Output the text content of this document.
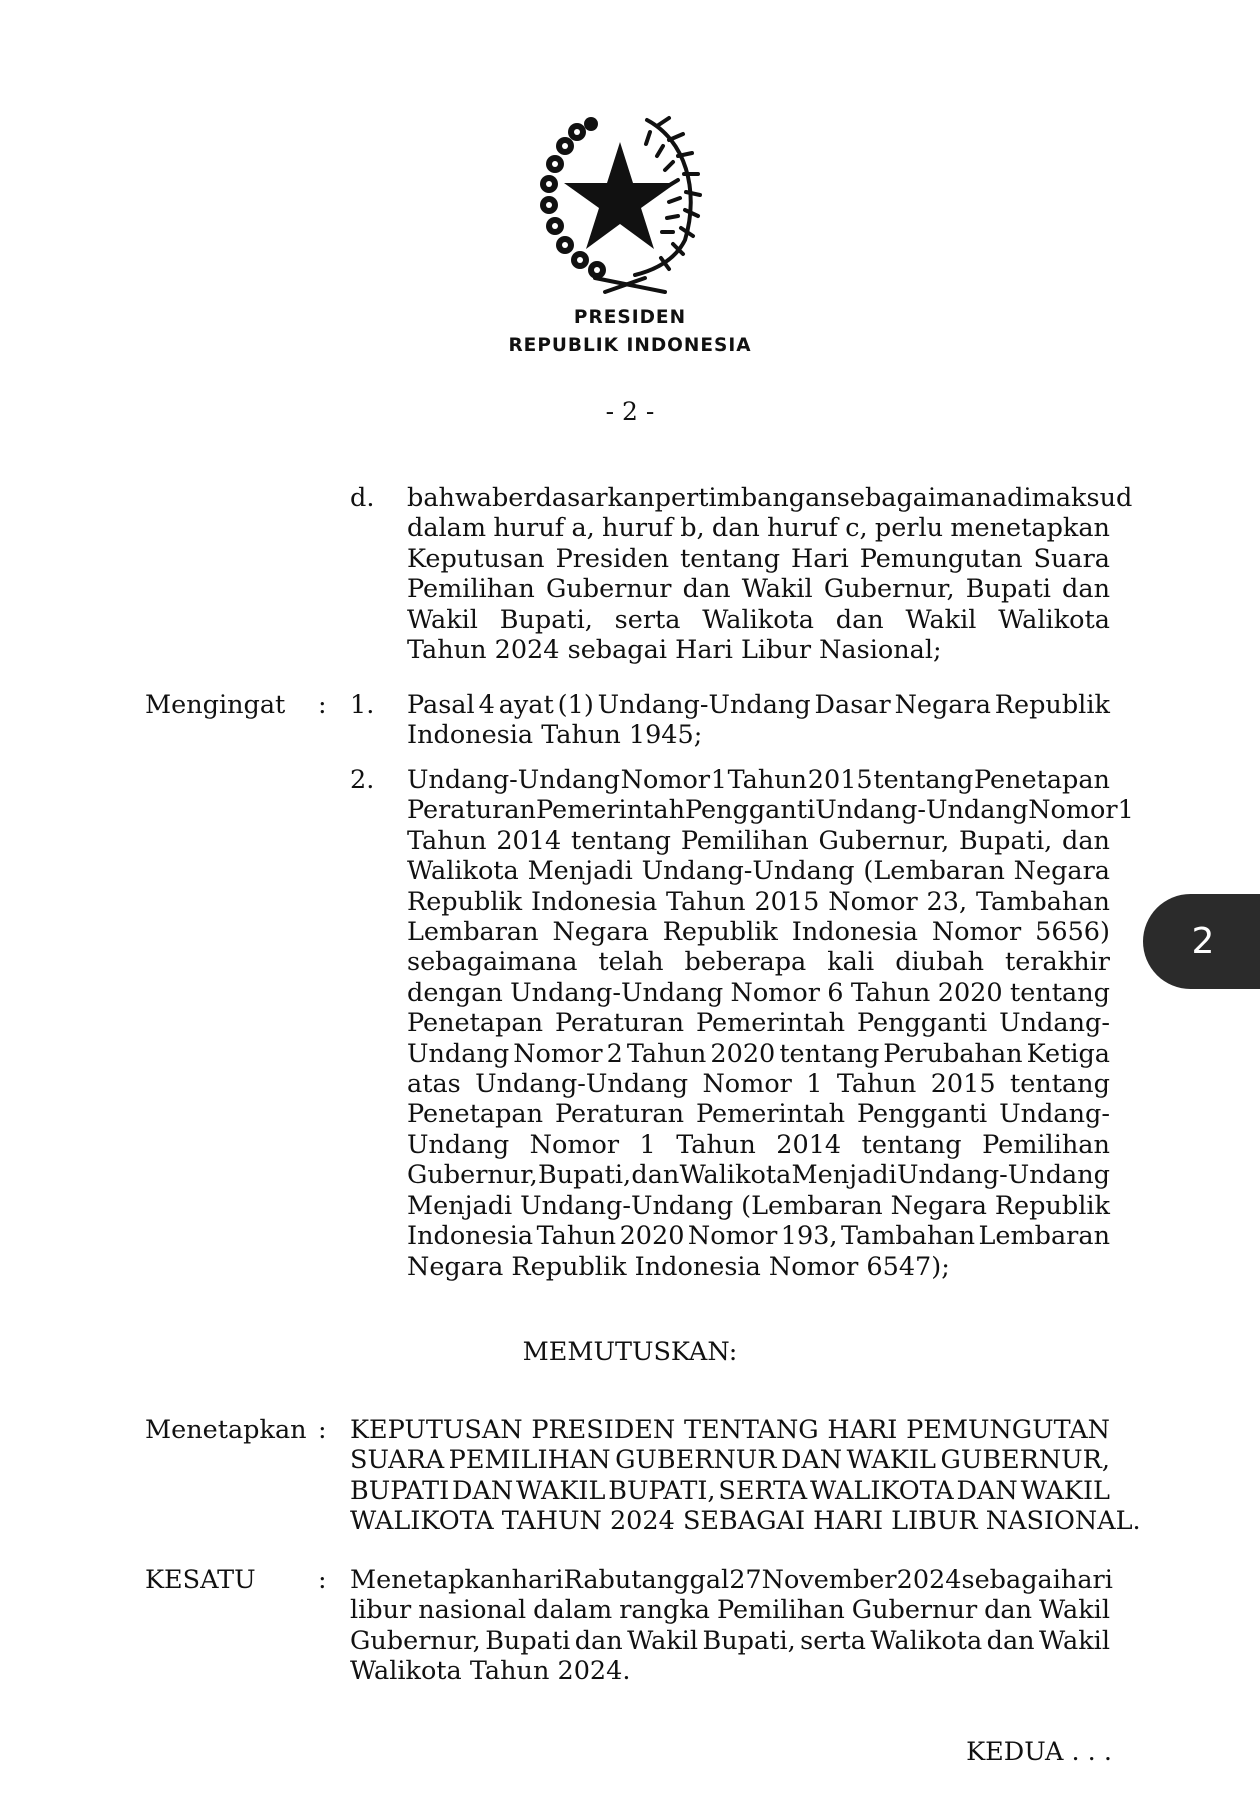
PRESIDEN
REPUBLIK INDONESIA
- 2 -
d. bahwa berdasarkan pertimbangan sebagaimana dimaksud
dalam huruf a, huruf b, dan huruf c, perlu menetapkan
Keputusan Presiden tentang Hari Pemungutan Suara
Pemilihan Gubernur dan Wakil Gubernur, Bupati dan
Wakil Bupati, serta Walikota dan Wakil Walikota
Tahun 2024 sebagai Hari Libur Nasional;
Mengingat : 1. Pasal 4 ayat (1) Undang-Undang Dasar Negara Republik
Indonesia Tahun 1945;
2. Undang-Undang Nomor 1 Tahun 2015 tentang Penetapan
Peraturan Pemerintah Pengganti Undang-Undang Nomor 1
Tahun 2014 tentang Pemilihan Gubernur, Bupati, dan
Walikota Menjadi Undang-Undang (Lembaran Negara
Republik Indonesia Tahun 2015 Nomor 23, Tambahan
Lembaran Negara Republik Indonesia Nomor 5656)
sebagaimana telah beberapa kali diubah terakhir
dengan Undang-Undang Nomor 6 Tahun 2020 tentang
Penetapan Peraturan Pemerintah Pengganti Undang-
Undang Nomor 2 Tahun 2020 tentang Perubahan Ketiga
atas Undang-Undang Nomor 1 Tahun 2015 tentang
Penetapan Peraturan Pemerintah Pengganti Undang-
Undang Nomor 1 Tahun 2014 tentang Pemilihan
Gubernur, Bupati, dan Walikota Menjadi Undang-Undang
Menjadi Undang-Undang (Lembaran Negara Republik
Indonesia Tahun 2020 Nomor 193, Tambahan Lembaran
Negara Republik Indonesia Nomor 6547);
2
MEMUTUSKAN:
Menetapkan : KEPUTUSAN PRESIDEN TENTANG HARI PEMUNGUTAN
SUARA PEMILIHAN GUBERNUR DAN WAKIL GUBERNUR,
BUPATI DAN WAKIL BUPATI, SERTA WALIKOTA DAN WAKIL
WALIKOTA TAHUN 2024 SEBAGAI HARI LIBUR NASIONAL.
KESATU : Menetapkan hari Rabu tanggal 27 November 2024 sebagai hari
libur nasional dalam rangka Pemilihan Gubernur dan Wakil
Gubernur, Bupati dan Wakil Bupati, serta Walikota dan Wakil
Walikota Tahun 2024.
KEDUA . . .
